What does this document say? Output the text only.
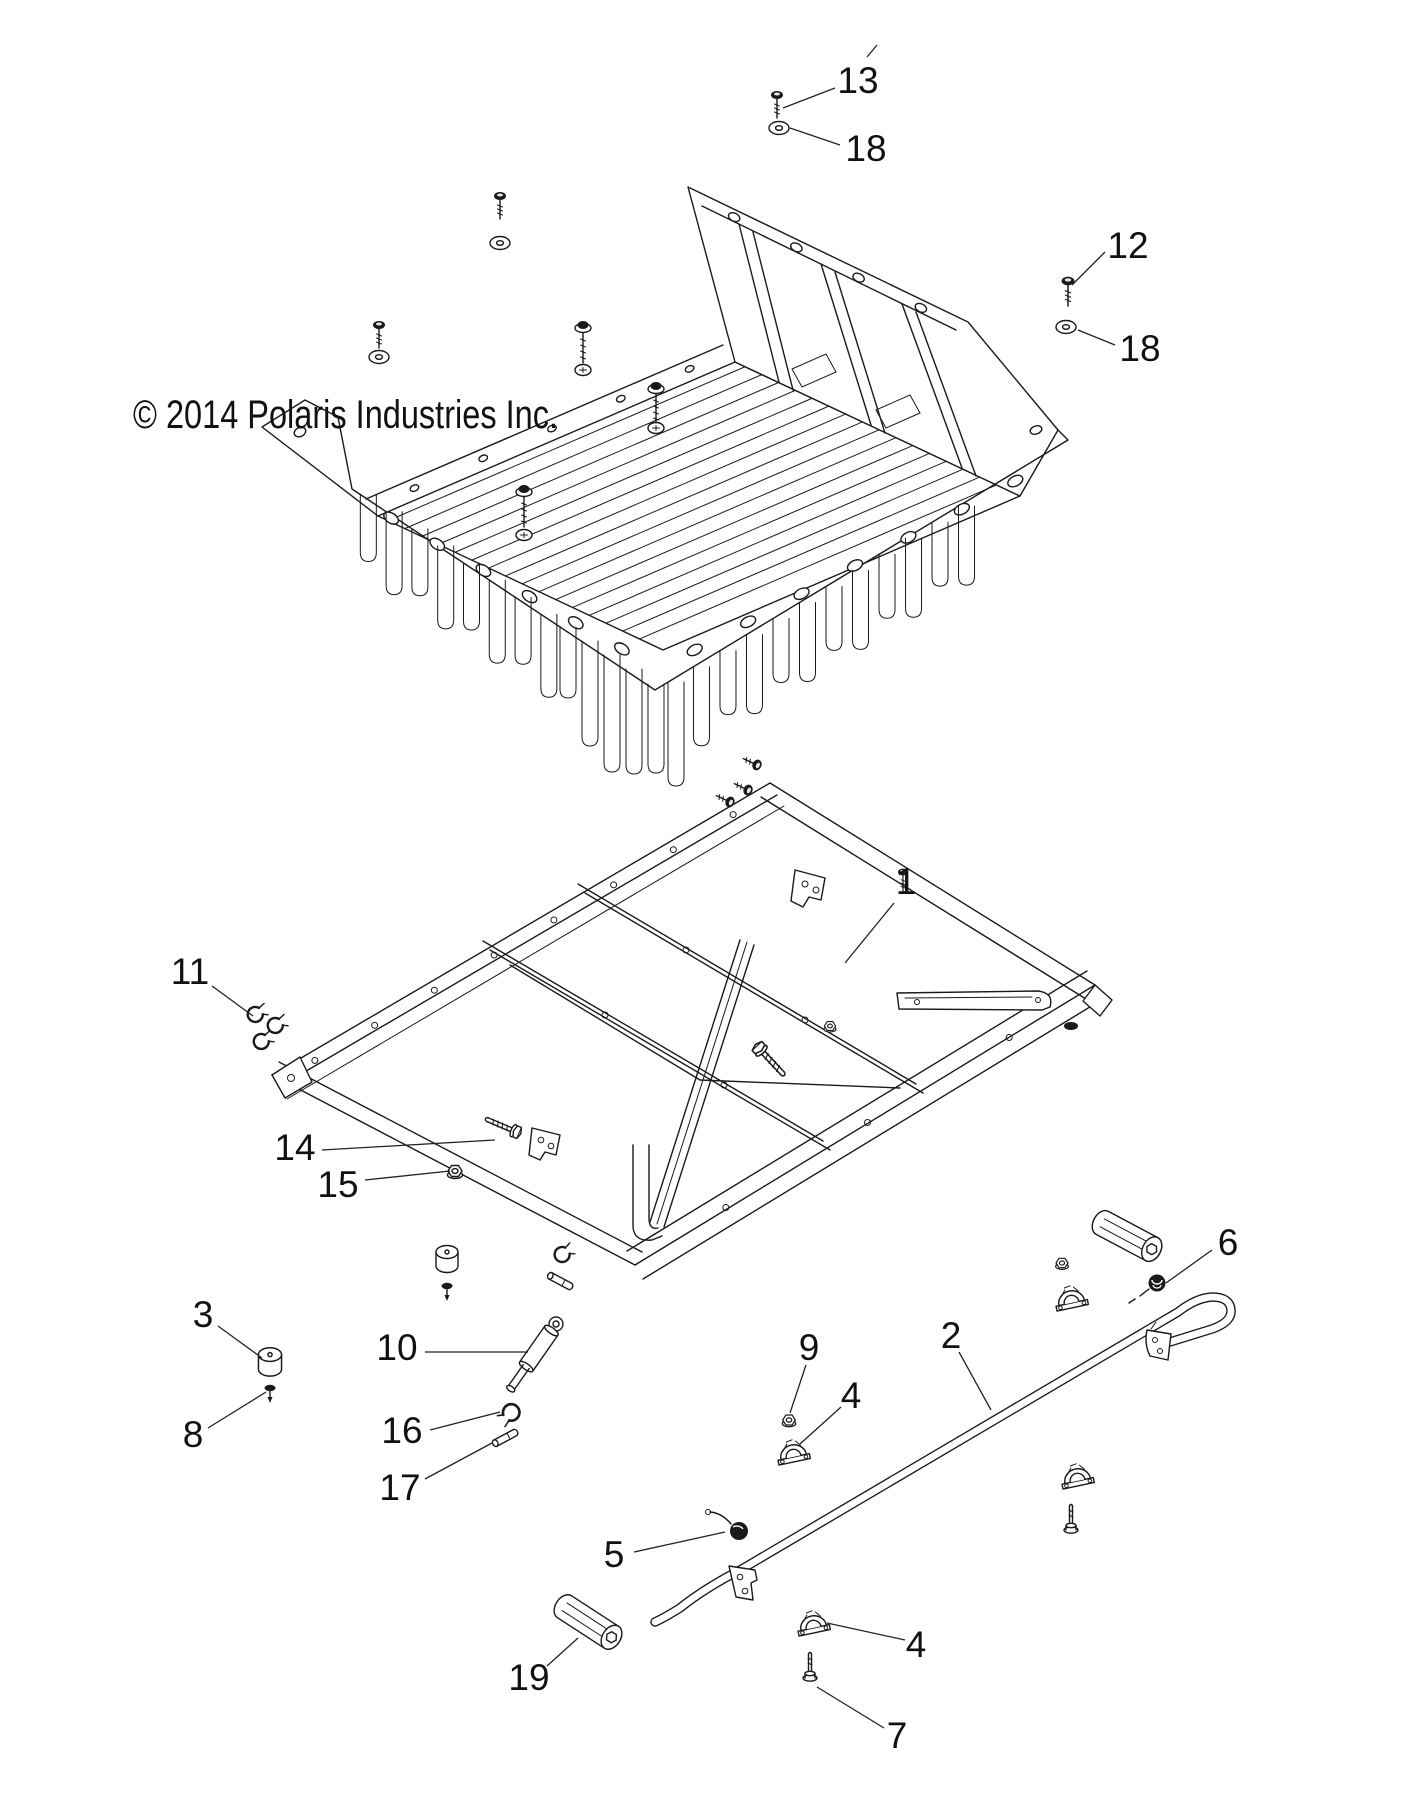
© 2014 Polaris Industries Inc.
13
18
12
18
1
11
14
15
3
8
10
16
17
9
4
2
6
5
19
4
7
